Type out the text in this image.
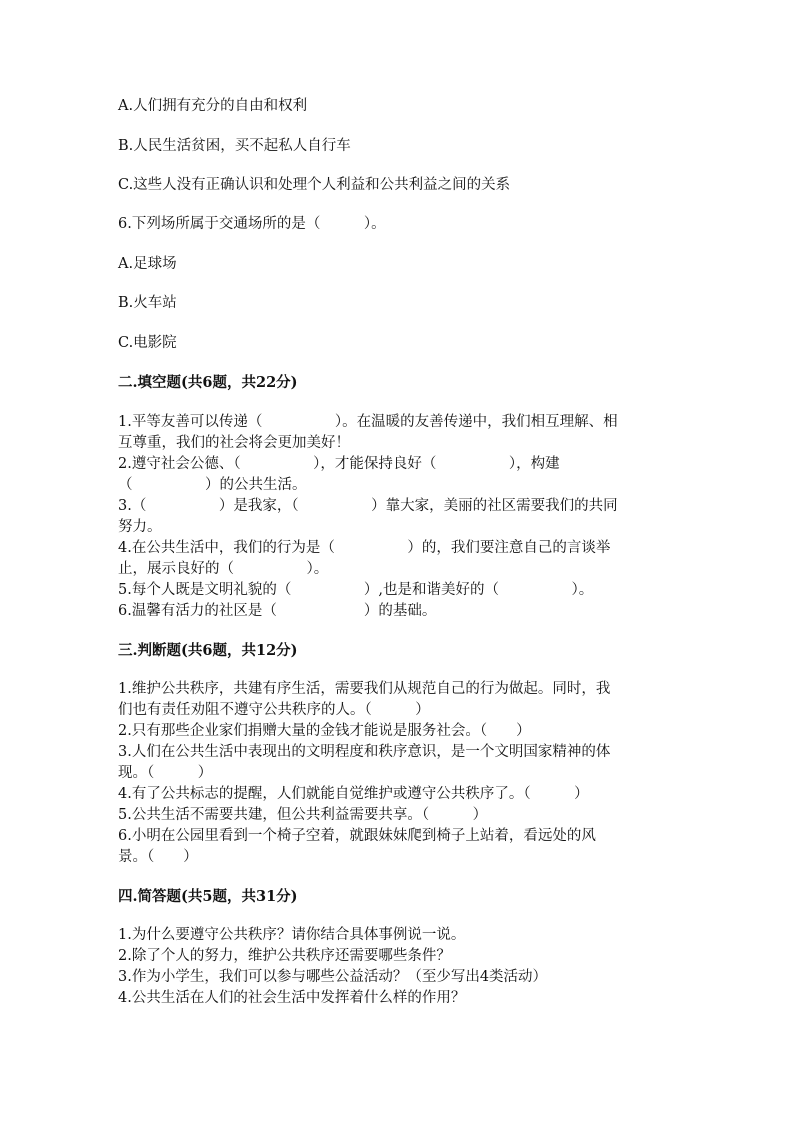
A.人们拥有充分的自由和权利
B.人民生活贫困，买不起私人自行车
C.这些人没有正确认识和处理个人利益和公共利益之间的关系
6.下列场所属于交通场所的是（　　　）。
A.足球场
B.火车站
C.电影院
二.填空题(共6题，共22分)
1.平等友善可以传递（　　　　　）。在温暖的友善传递中，我们相互理解、相
互尊重，我们的社会将会更加美好！
2.遵守社会公德、（　　　　　），才能保持良好（　　　　　），构建
（　　　　　）的公共生活。
3.（　　　　　）是我家，（　　　　　）靠大家，美丽的社区需要我们的共同
努力。
4.在公共生活中，我们的行为是（　　　　　）的，我们要注意自己的言谈举
止，展示良好的（　　　　　）。
5.每个人既是文明礼貌的（　　　　　）,也是和谐美好的（　　　　　）。
6.温馨有活力的社区是（　　　　　　）的基础。
三.判断题(共6题，共12分)
1.维护公共秩序，共建有序生活，需要我们从规范自己的行为做起。同时，我
们也有责任劝阻不遵守公共秩序的人。（　　　）
2.只有那些企业家们捐赠大量的金钱才能说是服务社会。（　　）
3.人们在公共生活中表现出的文明程度和秩序意识，是一个文明国家精神的体
现。（　　　）
4.有了公共标志的提醒，人们就能自觉维护或遵守公共秩序了。（　　　）
5.公共生活不需要共建，但公共利益需要共享。（　　　）
6.小明在公园里看到一个椅子空着，就跟妹妹爬到椅子上站着，看远处的风
景。（　　）
四.简答题(共5题，共31分)
1.为什么要遵守公共秩序？请你结合具体事例说一说。
2.除了个人的努力，维护公共秩序还需要哪些条件？
3.作为小学生，我们可以参与哪些公益活动？（至少写出4类活动）
4.公共生活在人们的社会生活中发挥着什么样的作用？
